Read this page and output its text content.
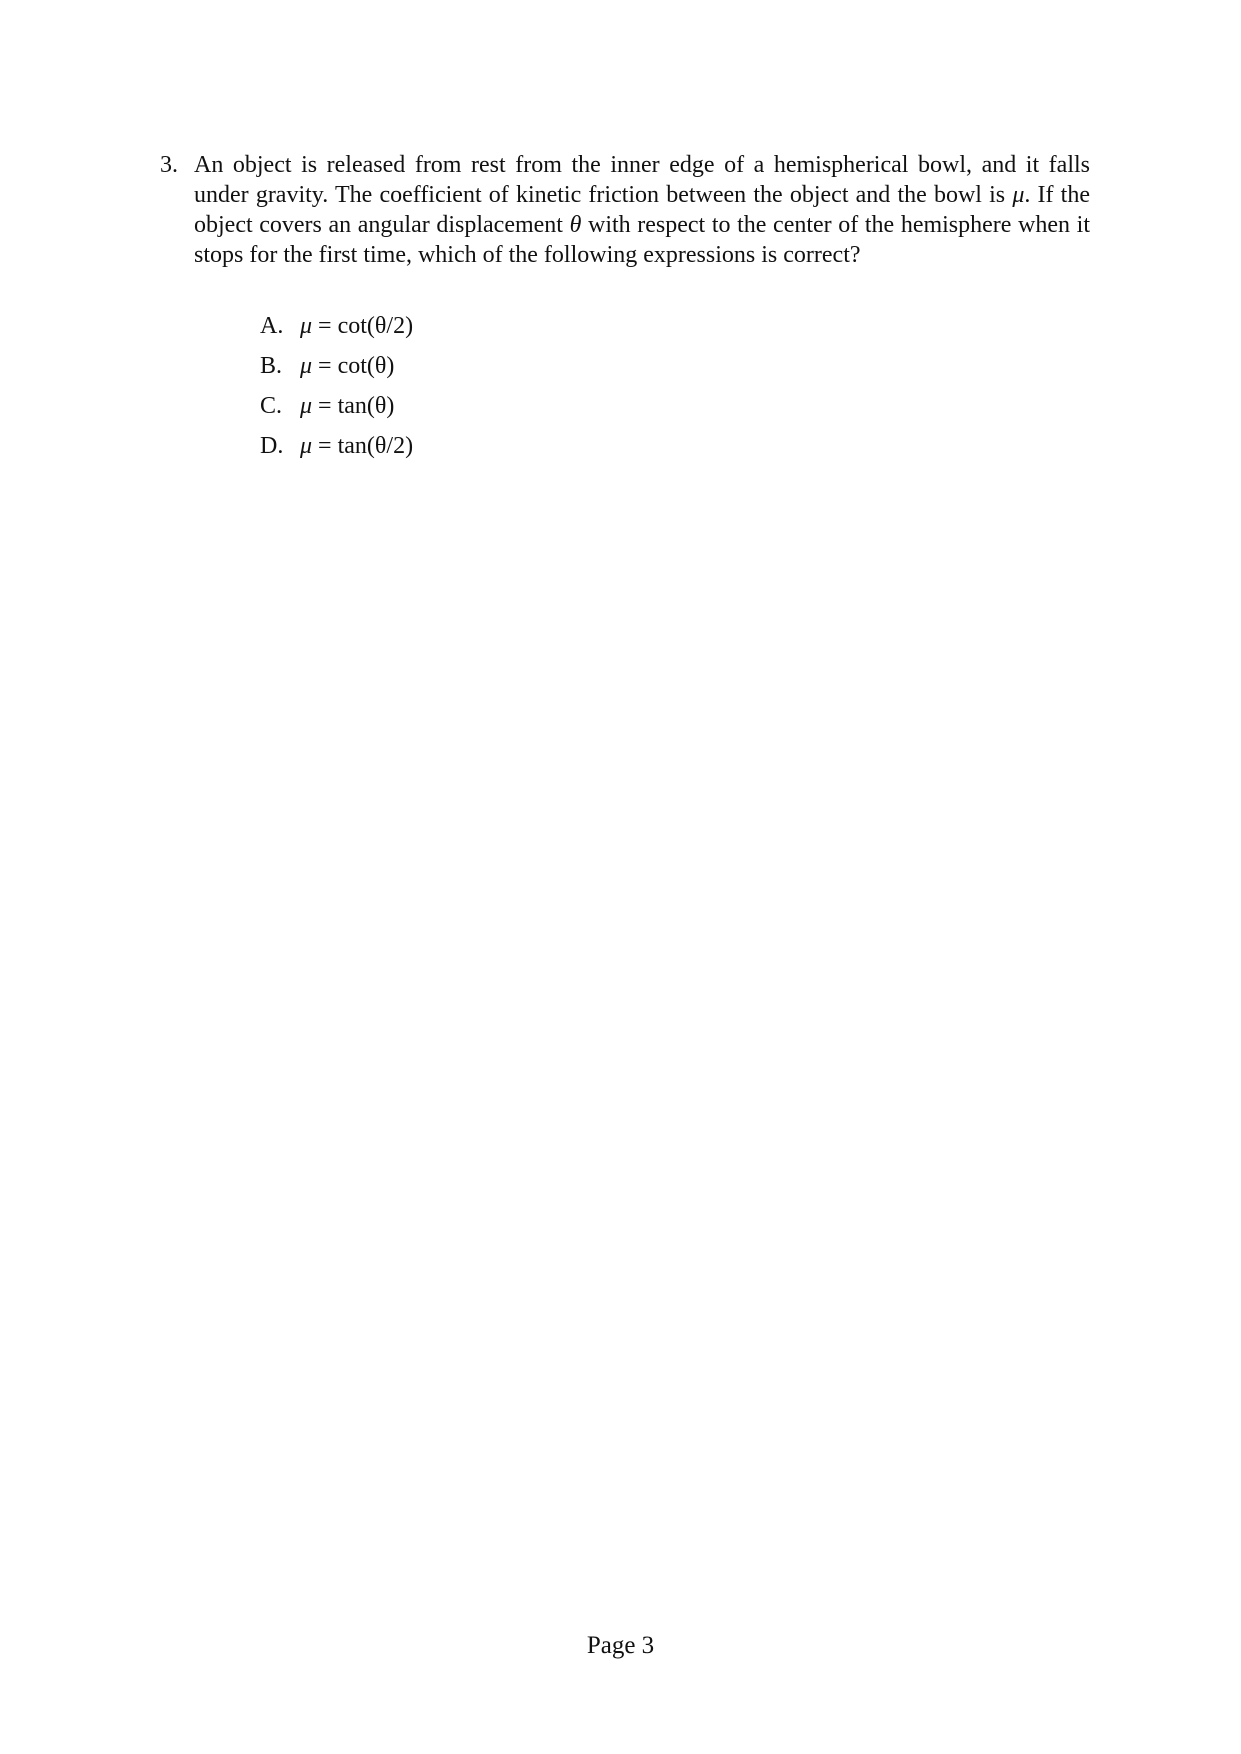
3. An object is released from rest from the inner edge of a hemispherical bowl, and it falls under gravity. The coefficient of kinetic friction between the object and the bowl is μ. If the object covers an angular displacement θ with respect to the center of the hemisphere when it stops for the first time, which of the following expressions is correct?
A. μ = cot(θ/2)
B. μ = cot(θ)
C. μ = tan(θ)
D. μ = tan(θ/2)
Page 3
